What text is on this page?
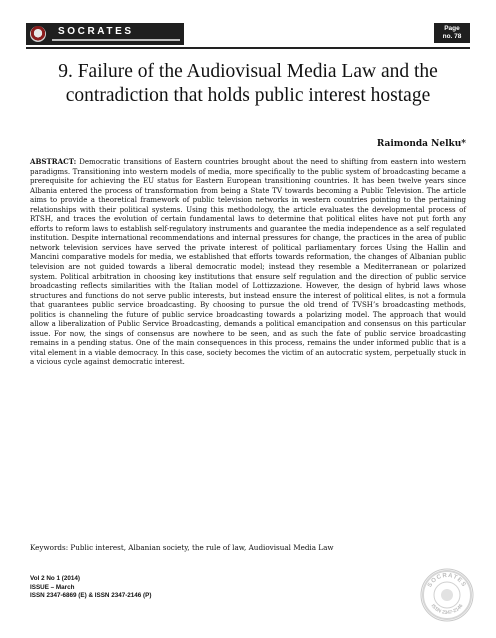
SOCRATES	Page
no. 78
9. Failure of the Audiovisual Media Law and the contradiction that holds public interest hostage
Raimonda Nelku*

ABSTRACT: Democratic transitions of Eastern countries brought about the need to shifting from eastern into western paradigms. Transitioning into western models of media, more specifically to the public system of broadcasting became a prerequisite for achieving the EU status for Eastern European transitioning countries. It has been twelve years since Albania entered the process of transformation from being a State TV towards becoming a Public Television. The article aims to provide a theoretical framework of public television networks in western countries pointing to the pertaining relationships with their political systems. Using this methodology, the article evaluates the developmental process of RTSH, and traces the evolution of certain fundamental laws to determine that political elites have not put forth any efforts to reform laws to establish self-regulatory instruments and guarantee the media independence as a self regulated institution. Despite international recommendations and internal pressures for change, the practices in the area of public network television services have served the private interest of political parliamentary forces Using the Hallin and Mancini comparative models for media, we established that efforts towards reformation, the changes of Albanian public television are not guided towards a liberal democratic model; instead they resemble a Mediterranean or polarized system. Political arbitration in choosing key institutions that ensure self regulation and the direction of public service broadcasting reflects similarities with the Italian model of Lottizzazione. However, the design of hybrid laws whose structures and functions do not serve public interests, but instead ensure the interest of political elites, is not a formula that guarantees public service broadcasting. By choosing to pursue the old trend of TVSH’s broadcasting methods, politics is channeling the future of public service broadcasting towards a polarizing model. The approach that would allow a liberalization of Public Service Broadcasting, demands a political emancipation and consensus on this particular issue. For now, the sings of consensus are nowhere to be seen, and as such the fate of public service broadcasting remains in a pending status. One of the main consequences in this process, remains the under informed public that is a vital element in a viable democracy. In this case, society becomes the victim of an autocratic system, perpetually stuck in a vicious cycle against democratic interest.

Keywords: Public interest, Albanian society, the rule of law, Audiovisual Media Law
Vol 2 No 1 (2014)
ISSUE – March
ISSN 2347-6869 (E) & ISSN 2347-2146 (P)
SOCRATES
ISSN 2347-2146
